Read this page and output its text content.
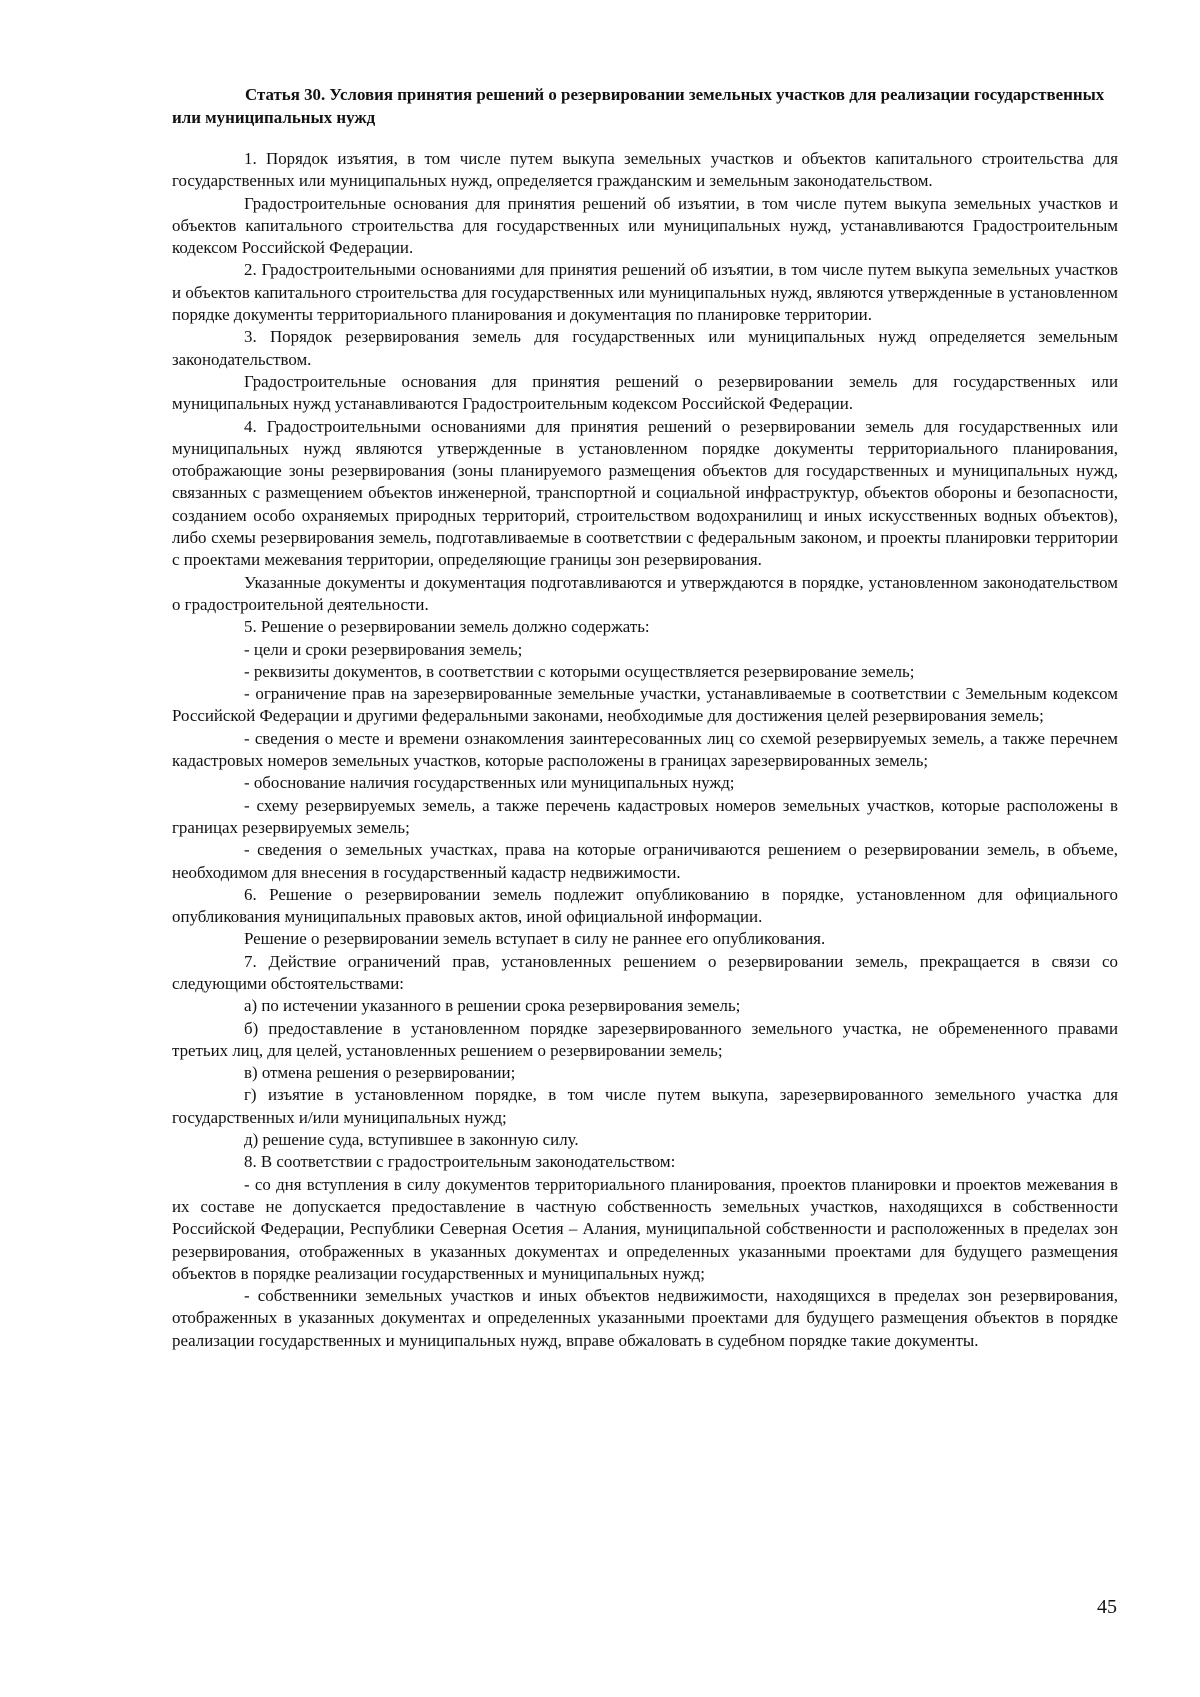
Статья 30. Условия принятия решений о резервировании земельных участков для реализации государственных или муниципальных нужд

1. Порядок изъятия, в том числе путем выкупа земельных участков и объектов капитального строительства для государственных или муниципальных нужд, определяется гражданским и земельным законодательством.

Градостроительные основания для принятия решений об изъятии, в том числе путем выкупа земельных участков и объектов капитального строительства для государственных или муниципальных нужд, устанавливаются Градостроительным кодексом Российской Федерации.

2. Градостроительными основаниями для принятия решений об изъятии, в том числе путем выкупа земельных участков и объектов капитального строительства для государственных или муниципальных нужд, являются утвержденные в установленном порядке документы территориального планирования и документация по планировке территории.

3. Порядок резервирования земель для государственных или муниципальных нужд определяется земельным законодательством.

Градостроительные основания для принятия решений о резервировании земель для государственных или муниципальных нужд устанавливаются Градостроительным кодексом Российской Федерации.

4. Градостроительными основаниями для принятия решений о резервировании земель для государственных или муниципальных нужд являются утвержденные в установленном порядке документы территориального планирования, отображающие зоны резервирования (зоны планируемого размещения объектов для государственных и муниципальных нужд, связанных с размещением объектов инженерной, транспортной и социальной инфраструктур, объектов обороны и безопасности, созданием особо охраняемых природных территорий, строительством водохранилищ и иных искусственных водных объектов), либо схемы резервирования земель, подготавливаемые в соответствии с федеральным законом, и проекты планировки территории с проектами межевания территории, определяющие границы зон резервирования.

Указанные документы и документация подготавливаются и утверждаются в порядке, установленном законодательством о градостроительной деятельности.

5. Решение о резервировании земель должно содержать:

- цели и сроки резервирования земель;

- реквизиты документов, в соответствии с которыми осуществляется резервирование земель;

- ограничение прав на зарезервированные земельные участки, устанавливаемые в соответствии с Земельным кодексом Российской Федерации и другими федеральными законами, необходимые для достижения целей резервирования земель;

- сведения о месте и времени ознакомления заинтересованных лиц со схемой резервируемых земель, а также перечнем кадастровых номеров земельных участков, которые расположены в границах зарезервированных земель;

- обоснование наличия государственных или муниципальных нужд;

- схему резервируемых земель, а также перечень кадастровых номеров земельных участков, которые расположены в границах резервируемых земель;

- сведения о земельных участках, права на которые ограничиваются решением о резервировании земель, в объеме, необходимом для внесения в государственный кадастр недвижимости.

6. Решение о резервировании земель подлежит опубликованию в порядке, установленном для официального опубликования муниципальных правовых актов, иной официальной информации.

Решение о резервировании земель вступает в силу не раннее его опубликования.

7. Действие ограничений прав, установленных решением о резервировании земель, прекращается в связи со следующими обстоятельствами:

а) по истечении указанного в решении срока резервирования земель;

б) предоставление в установленном порядке зарезервированного земельного участка, не обремененного правами третьих лиц, для целей, установленных решением о резервировании земель;

в) отмена решения о резервировании;

г) изъятие в установленном порядке, в том числе путем выкупа, зарезервированного земельного участка для государственных и/или муниципальных нужд;

д) решение суда, вступившее в законную силу.

8. В соответствии с градостроительным законодательством:

- со дня вступления в силу документов территориального планирования, проектов планировки и проектов межевания в их составе не допускается предоставление в частную собственность земельных участков, находящихся в собственности Российской Федерации, Республики Северная Осетия – Алания, муниципальной собственности и расположенных в пределах зон резервирования, отображенных в указанных документах и определенных указанными проектами для будущего размещения объектов в порядке реализации государственных и муниципальных нужд;

- собственники земельных участков и иных объектов недвижимости, находящихся в пределах зон резервирования, отображенных в указанных документах и определенных указанными проектами для будущего размещения объектов в порядке реализации государственных и муниципальных нужд, вправе обжаловать в судебном порядке такие документы.

45
